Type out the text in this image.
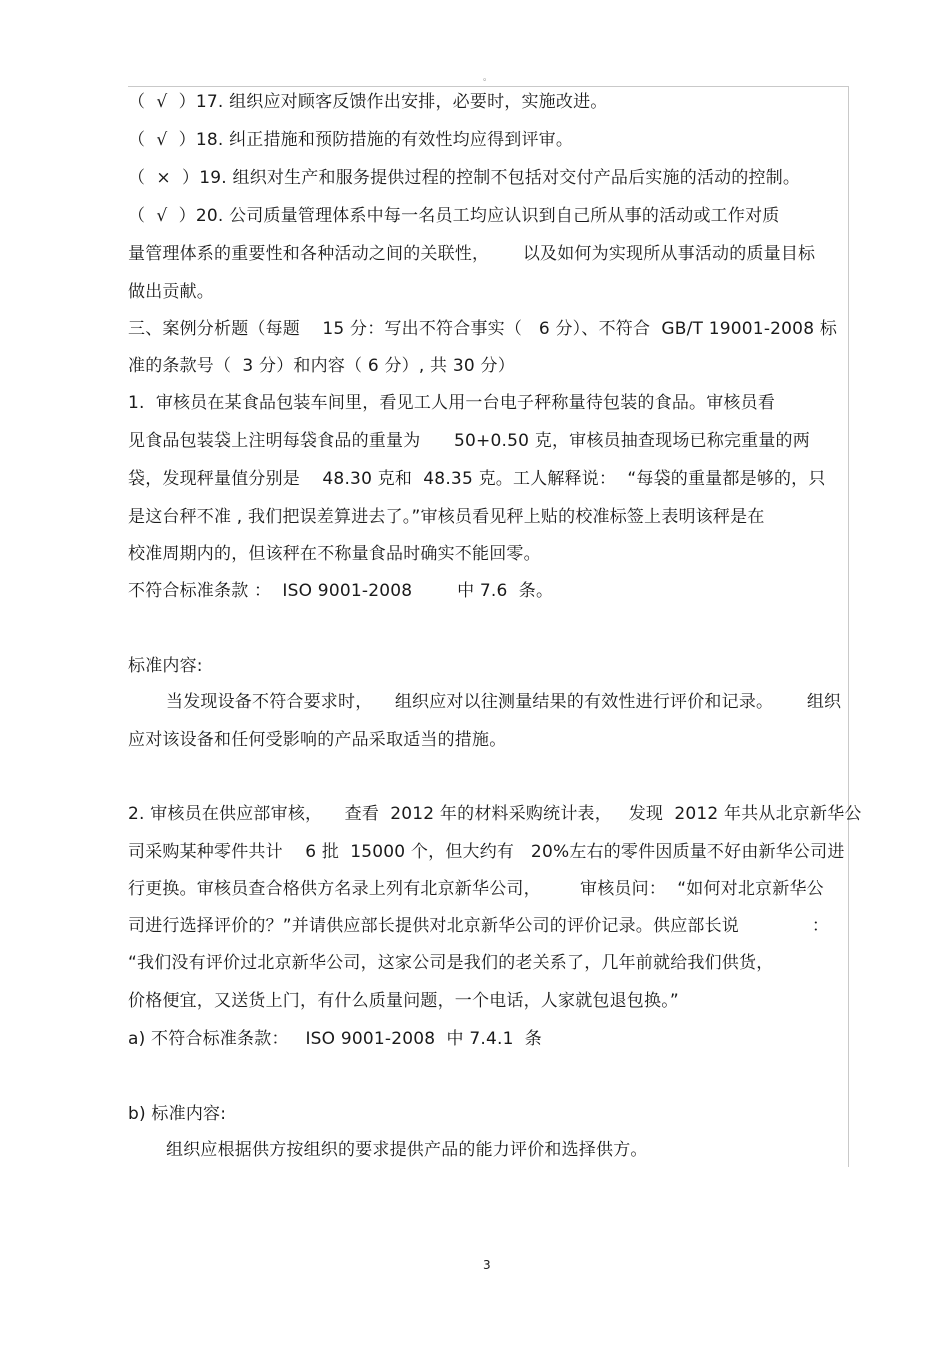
。
（  √  ）17. 组织应对顾客反馈作出安排，必要时，实施改进。
（  √  ）18. 纠正措施和预防措施的有效性均应得到评审。
（  ×  ）19. 组织对生产和服务提供过程的控制不包括对交付产品后实施的活动的控制。
（  √  ）20. 公司质量管理体系中每一名员工均应认识到自己所从事的活动或工作对质
量管理体系的重要性和各种活动之间的关联性，      以及如何为实现所从事活动的质量目标
做出贡献。
三、案例分析题（每题    15 分：写出不符合事实（   6 分）、不符合  GB/T 19001-2008 标
准的条款号（  3 分）和内容（ 6 分）, 共 30 分）
1.  审核员在某食品包装车间里，看见工人用一台电子秤称量待包装的食品。审核员看
见食品包装袋上注明每袋食品的重量为      50+0.50 克，审核员抽查现场已称完重量的两
袋，发现秤量值分别是    48.30 克和  48.35 克。工人解释说：  “每袋的重量都是够的，只
是这台秤不准 , 我们把误差算进去了。”审核员看见秤上贴的校准标签上表明该秤是在
校准周期内的，但该秤在不称量食品时确实不能回零。
不符合标准条款 ：  ISO 9001-2008        中 7.6  条。
标准内容:
当发现设备不符合要求时，    组织应对以往测量结果的有效性进行评价和记录。      组织
应对该设备和任何受影响的产品采取适当的措施。
2. 审核员在供应部审核，    查看  2012 年的材料采购统计表，   发现  2012 年共从北京新华公
司采购某种零件共计    6 批  15000 个，但大约有   20%左右的零件因质量不好由新华公司进
行更换。审核员查合格供方名录上列有北京新华公司，       审核员问：  “如何对北京新华公
司进行选择评价的？”并请供应部长提供对北京新华公司的评价记录。供应部长说             ：
“我们没有评价过北京新华公司，这家公司是我们的老关系了，几年前就给我们供货，
价格便宜，又送货上门，有什么质量问题，一个电话，人家就包退包换。”
a) 不符合标准条款：   ISO 9001-2008  中 7.4.1  条
b) 标准内容:
组织应根据供方按组织的要求提供产品的能力评价和选择供方。
3
